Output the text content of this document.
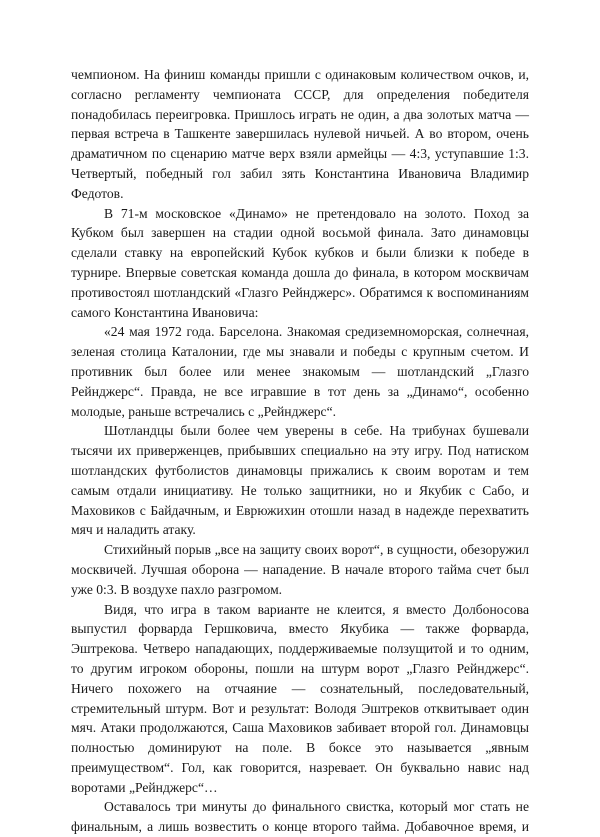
чемпионом. На финиш команды пришли с одинаковым количеством очков, и, согласно регламенту чемпионата СССР, для определения победителя понадобилась переигровка. Пришлось играть не один, а два золотых матча — первая встреча в Ташкенте завершилась нулевой ничьей. А во втором, очень драматичном по сценарию матче верх взяли армейцы — 4:3, уступавшие 1:3. Четвертый, победный гол забил зять Константина Ивановича Владимир Федотов.

В 71-м московское «Динамо» не претендовало на золото. Поход за Кубком был завершен на стадии одной восьмой финала. Зато динамовцы сделали ставку на европейский Кубок кубков и были близки к победе в турнире. Впервые советская команда дошла до финала, в котором москвичам противостоял шотландский «Глазго Рейнджерс». Обратимся к воспоминаниям самого Константина Ивановича:

«24 мая 1972 года. Барселона. Знакомая средиземноморская, солнечная, зеленая столица Каталонии, где мы знавали и победы с крупным счетом. И противник был более или менее знакомым — шотландский „Глазго Рейнджерс“. Правда, не все игравшие в тот день за „Динамо“, особенно молодые, раньше встречались с „Рейнджерс“.

Шотландцы были более чем уверены в себе. На трибунах бушевали тысячи их приверженцев, прибывших специально на эту игру. Под натиском шотландских футболистов динамовцы прижались к своим воротам и тем самым отдали инициативу. Не только защитники, но и Якубик с Сабо, и Маховиков с Байдачным, и Еврюжихин отошли назад в надежде перехватить мяч и наладить атаку.

Стихийный порыв „все на защиту своих ворот“, в сущности, обезоружил москвичей. Лучшая оборона — нападение. В начале второго тайма счет был уже 0:3. В воздухе пахло разгромом.

Видя, что игра в таком варианте не клеится, я вместо Долбоносова выпустил форварда Гершковича, вместо Якубика — также форварда, Эштрекова. Четверо нападающих, поддерживаемые ползущитой и то одним, то другим игроком обороны, пошли на штурм ворот „Глазго Рейнджерс“. Ничего похожего на отчаяние — сознательный, последовательный, стремительный штурм. Вот и результат: Володя Эштреков отквитывает один мяч. Атаки продолжаются, Саша Маховиков забивает второй гол. Динамовцы полностью доминируют на поле. В боксе это называется „явным преимуществом“. Гол, как говорится, назревает. Он буквально навис над воротами „Рейнджерс“…

Оставалось три минуты до финального свистка, который мог стать не финальным, а лишь возвестить о конце второго тайма. Добавочное время, и
